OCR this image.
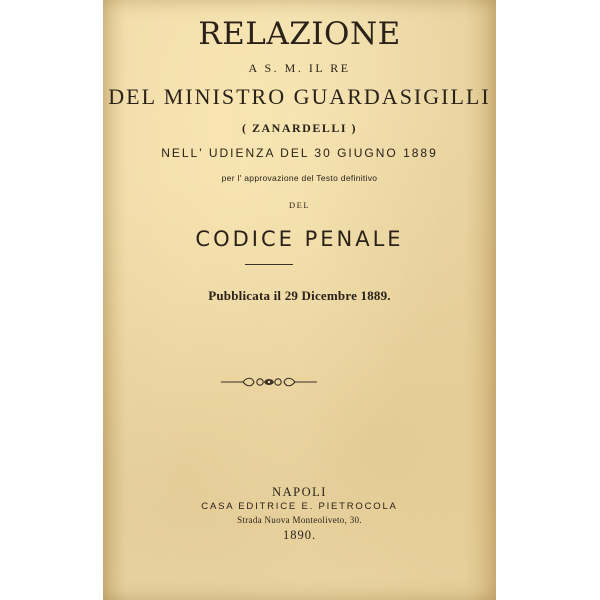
RELAZIONE
A S. M. IL RE
DEL MINISTRO GUARDASIGILLI
( ZANARDELLI )
NELL' UDIENZA DEL 30 GIUGNO 1889
per l' approvazione del Testo definitivo
DEL
CODICE PENALE
Pubblicata il 29 Dicembre 1889.
NAPOLI
CASA EDITRICE E. PIETROCOLA
Strada Nuova Monteoliveto, 30.
1890.
